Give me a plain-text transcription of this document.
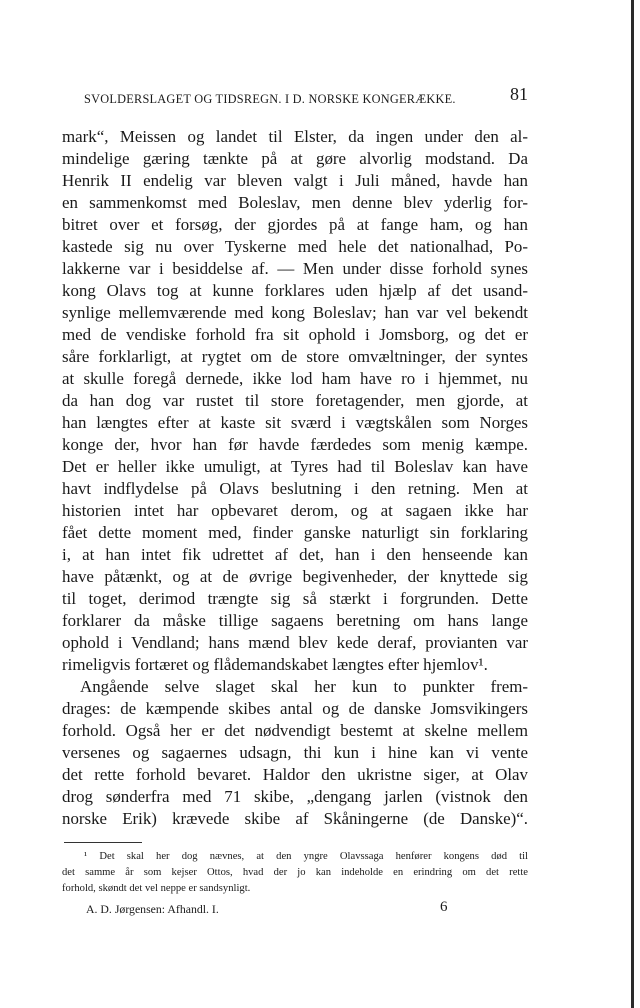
SVOLDERSLAGET OG TIDSREGN. I D. NORSKE KONGERÆKKE.	81
mark“, Meissen og landet til Elster, da ingen under den al-
mindelige gæring tænkte på at gøre alvorlig modstand. Da
Henrik II endelig var bleven valgt i Juli måned, havde han
en sammenkomst med Boleslav, men denne blev yderlig for-
bitret over et forsøg, der gjordes på at fange ham, og han
kastede sig nu over Tyskerne med hele det nationalhad, Po-
lakkerne var i besiddelse af. — Men under disse forhold synes
kong Olavs tog at kunne forklares uden hjælp af det usand-
synlige mellemværende med kong Boleslav; han var vel bekendt
med de vendiske forhold fra sit ophold i Jomsborg, og det er
såre forklarligt, at rygtet om de store omvæltninger, der syntes
at skulle foregå dernede, ikke lod ham have ro i hjemmet, nu
da han dog var rustet til store foretagender, men gjorde, at
han længtes efter at kaste sit sværd i vægtskålen som Norges
konge der, hvor han før havde færdedes som menig kæmpe.
Det er heller ikke umuligt, at Tyres had til Boleslav kan have
havt indflydelse på Olavs beslutning i den retning. Men at
historien intet har opbevaret derom, og at sagaen ikke har
fået dette moment med, finder ganske naturligt sin forklaring
i, at han intet fik udrettet af det, han i den henseende kan
have påtænkt, og at de øvrige begivenheder, der knyttede sig
til toget, derimod trængte sig så stærkt i forgrunden. Dette
forklarer da måske tillige sagaens beretning om hans lange
ophold i Vendland; hans mænd blev kede deraf, provianten var
rimeligvis fortæret og flådemandskabet længtes efter hjemlov¹.
Angående selve slaget skal her kun to punkter frem-
drages: de kæmpende skibes antal og de danske Jomsvikingers
forhold. Også her er det nødvendigt bestemt at skelne mellem
versenes og sagaernes udsagn, thi kun i hine kan vi vente
det rette forhold bevaret. Haldor den ukristne siger, at Olav
drog sønderfra med 71 skibe, „dengang jarlen (vistnok den
norske Erik) krævede skibe af Skåningerne (de Danske)“.
¹ Det skal her dog nævnes, at den yngre Olavssaga henfører kongens død til
det samme år som kejser Ottos, hvad der jo kan indeholde en erindring om det rette
forhold, skøndt det vel neppe er sandsynligt.
A. D. Jørgensen: Afhandl. I.	6
